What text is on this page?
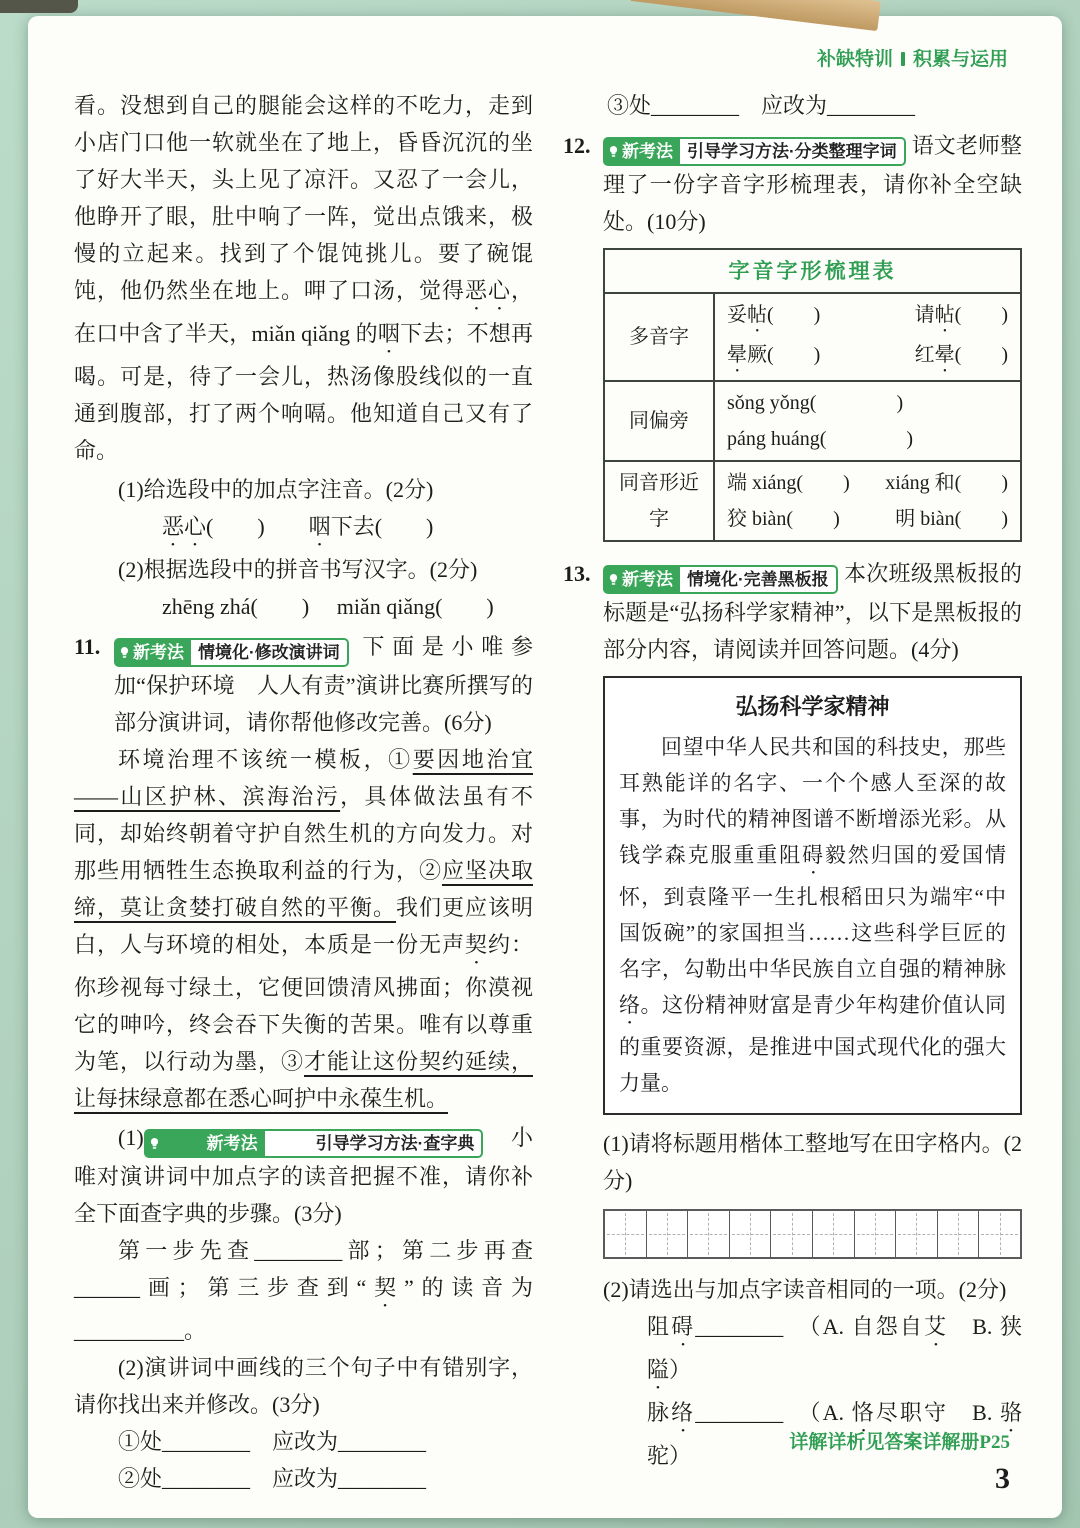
补缺特训 积累与运用

看。没想到自己的腿能会这样的不吃力，走到小店门口他一软就坐在了地上，昏昏沉沉的坐了好大半天，头上见了凉汗。又忍了一会儿，他睁开了眼，肚中响了一阵，觉出点饿来，极慢的立起来。找到了个馄饨挑儿。要了碗馄饨，他仍然坐在地上。呷了口汤，觉得恶心，在口中含了半天，miǎn qiǎng 的咽下去；不想再喝。可是，待了一会儿，热汤像股线似的一直通到腹部，打了两个响嗝。他知道自己又有了命。

(1)给选段中的加点字注音。(2分)

恶心(　　)　　咽下去(　　)

(2)根据选段中的拼音书写汉字。(2分)

zhēng zhá(　　)　 miǎn qiǎng(　　)

11.	新考法 情境化·修改演讲词 下面是小唯参加“保护环境　人人有责”演讲比赛所撰写的部分演讲词，请你帮他修改完善。(6分)

环境治理不该统一模板，①要因地治宜——山区护林、滨海治污，具体做法虽有不同，却始终朝着守护自然生机的方向发力。对那些用牺牲生态换取利益的行为，②应坚决取缔，莫让贪婪打破自然的平衡。我们更应该明白，人与环境的相处，本质是一份无声契约：你珍视每寸绿土，它便回馈清风拂面；你漠视它的呻吟，终会吞下失衡的苦果。唯有以尊重为笔，以行动为墨，③才能让这份契约延续，让每抹绿意都在悉心呵护中永葆生机。

(1)	新考法	引导学习方法·查字典 小唯对演讲词中加点字的读音把握不准，请你补全下面查字典的步骤。(3分)

第一步先查________部；第二步再查______画；第三步查到“契”的读音为__________。

(2)演讲词中画线的三个句子中有错别字，请你找出来并修改。(3分)

①处________　应改为________

②处________　应改为________

③处________　应改为________

12.	新考法 引导学习方法·分类整理字词 语文老师整理了一份字音字形梳理表，请你补全空缺处。(10分)
字音字形梳理表	
多音字	妥帖(　　) 请帖(　　)
晕厥(　　) 红晕(　　)

同偏旁	sǒng yǒng(　　　　)
páng huáng(　　　　)

同音形近字	端 xiáng(　　) xiáng 和(　　)
狡 biàn(　　) 明 biàn(　　)
13.	新考法 情境化·完善黑板报 本次班级黑板报的标题是“弘扬科学家精神”，以下是黑板报的部分内容，请阅读并回答问题。(4分)
弘扬科学家精神

回望中华人民共和国的科技史，那些耳熟能详的名字、一个个感人至深的故事，为时代的精神图谱不断增添光彩。从钱学森克服重重阻碍毅然归国的爱国情怀，到袁隆平一生扎根稻田只为端牢“中国饭碗”的家国担当……这些科学巨匠的名字，勾勒出中华民族自立自强的精神脉络。这份精神财富是青少年构建价值认同的重要资源，是推进中国式现代化的强大力量。

(1)请将标题用楷体工整地写在田字格内。(2分)

(2)请选出与加点字读音相同的一项。(2分)

阻碍________　（A. 自怨自艾　B. 狭隘）

脉络________　（A. 恪尽职守　B. 骆驼）

详解详析见答案详解册P25
3
